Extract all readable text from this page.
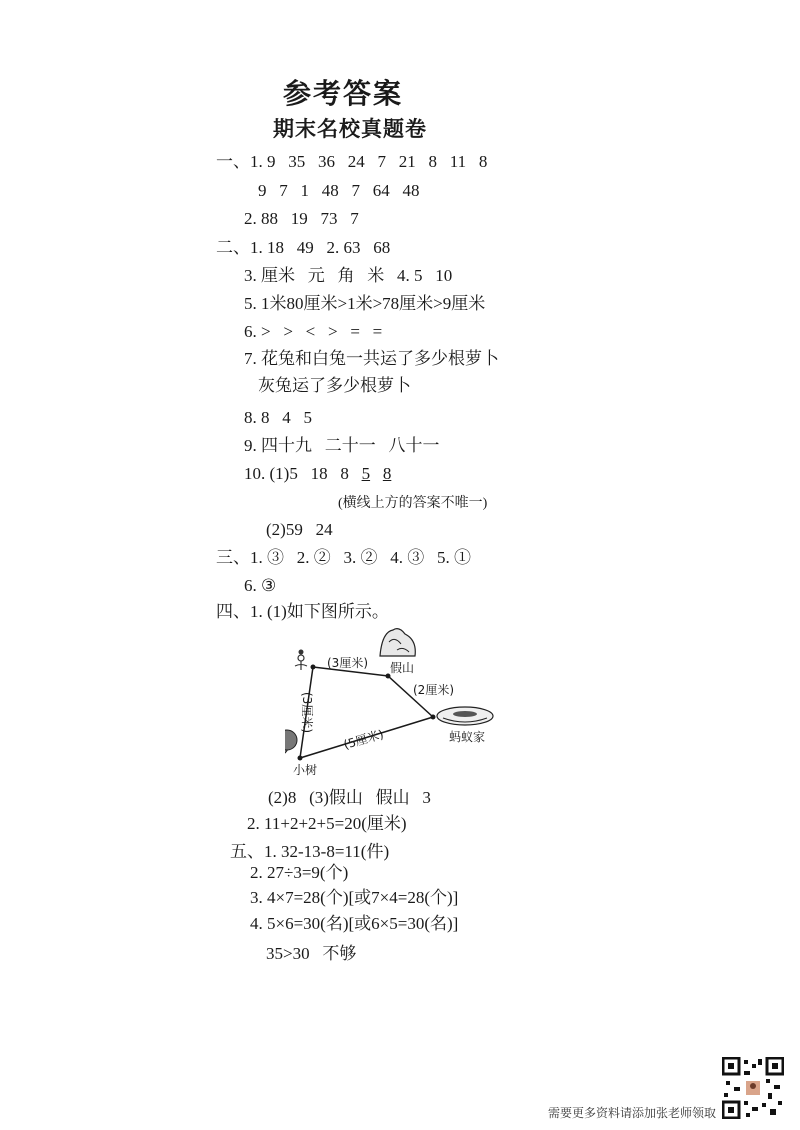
参考答案
期末名校真题卷
一、1. 9   35   36   24   7   21   8   11   8
9   7   1   48   7   64   48
2. 88   19   73   7
二、1. 18   49   2. 63   68
3. 厘米   元   角   米   4. 5   10
5. 1米80厘米>1米>78厘米>9厘米
6. >   >   <   >   =   =
7. 花兔和白兔一共运了多少根萝卜
灰兔运了多少根萝卜
8. 8   4   5
9. 四十九   二十一   八十一
10. (1)5   18   8 5 8
(横线上方的答案不唯一)
(2)59   24
三、1. ③   2. ②   3. ②   4. ③   5. ①
6. ③
四、1. (1)如下图所示。
(3厘米)
(2厘米)
(5厘米)
(3厘米)
假山
蚂蚁家
小树
(2)8   (3)假山   假山   3
2. 11+2+2+5=20(厘米)
五、1. 32-13-8=11(件)
2. 27÷3=9(个)
3. 4×7=28(个)[或7×4=28(个)]
4. 5×6=30(名)[或6×5=30(名)]
35>30   不够
需要更多资料请添加张老师领取
